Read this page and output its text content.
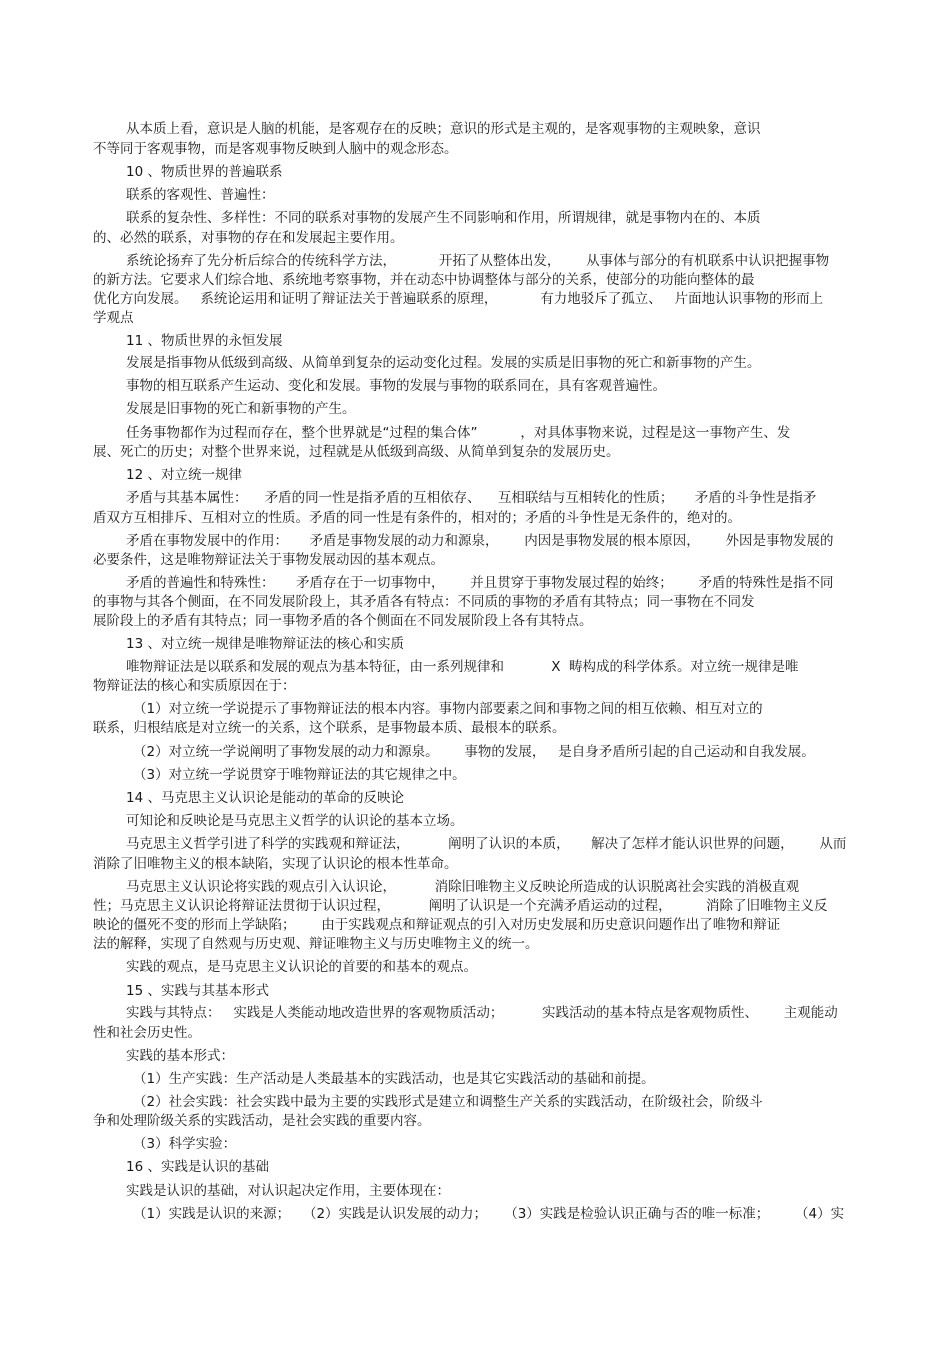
从本质上看，意识是人脑的机能，是客观存在的反映；意识的形式是主观的，是客观事物的主观映象，意识

不等同于客观事物，而是客观事物反映到人脑中的观念形态。

10 、物质世界的普遍联系

联系的客观性、普遍性：

联系的复杂性、多样性：不同的联系对事物的发展产生不同影响和作用，所谓规律，就是事物内在的、本质

的、必然的联系，对事物的存在和发展起主要作用。

系统论扬弃了先分析后综合的传统科学方法，          开拓了从整体出发，      从事体与部分的有机联系中认识把握事物

的新方法。它要求人们综合地、系统地考察事物，并在动态中协调整体与部分的关系，使部分的功能向整体的最

优化方向发展。   系统论运用和证明了辩证法关于普遍联系的原理，          有力地驳斥了孤立、   片面地认识事物的形而上

学观点

11 、物质世界的永恒发展

发展是指事物从低级到高级、从简单到复杂的运动变化过程。发展的实质是旧事物的死亡和新事物的产生。

事物的相互联系产生运动、变化和发展。事物的发展与事物的联系同在，具有客观普遍性。

发展是旧事物的死亡和新事物的产生。

任务事物都作为过程而存在，整个世界就是“过程的集合体”          ，对具体事物来说，过程是这一事物产生、发

展、死亡的历史；对整个世界来说，过程就是从低级到高级、从简单到复杂的发展历史。

12 、对立统一规律

矛盾与其基本属性：    矛盾的同一性是指矛盾的互相依存、    互相联结与互相转化的性质；     矛盾的斗争性是指矛

盾双方互相排斥、互相对立的性质。矛盾的同一性是有条件的，相对的；矛盾的斗争性是无条件的，绝对的。

矛盾在事物发展中的作用：     矛盾是事物发展的动力和源泉，      内因是事物发展的根本原因，      外因是事物发展的

必要条件，这是唯物辩证法关于事物发展动因的基本观点。

矛盾的普遍性和特殊性：     矛盾存在于一切事物中，      并且贯穿于事物发展过程的始终；      矛盾的特殊性是指不同

的事物与其各个侧面，在不同发展阶段上，其矛盾各有特点：不同质的事物的矛盾有其特点；同一事物在不同发

展阶段上的矛盾有其特点；同一事物矛盾的各个侧面在不同发展阶段上各有其特点。

13 、对立统一规律是唯物辩证法的核心和实质

唯物辩证法是以联系和发展的观点为基本特征，由一系列规律和           X  畴构成的科学体系。对立统一规律是唯

物辩证法的核心和实质原因在于：

（1）对立统一学说提示了事物辩证法的根本内容。事物内部要素之间和事物之间的相互依赖、相互对立的

联系，归根结底是对立统一的关系，这个联系，是事物最本质、最根本的联系。

（2）对立统一学说阐明了事物发展的动力和源泉。      事物的发展，   是自身矛盾所引起的自己运动和自我发展。

（3）对立统一学说贯穿于唯物辩证法的其它规律之中。

14 、马克思主义认识论是能动的革命的反映论

可知论和反映论是马克思主义哲学的认识论的基本立场。

马克思主义哲学引进了科学的实践观和辩证法，         阐明了认识的本质，     解决了怎样才能认识世界的问题，      从而

消除了旧唯物主义的根本缺陷，实现了认识论的根本性革命。

马克思主义认识论将实践的观点引入认识论，         消除旧唯物主义反映论所造成的认识脱离社会实践的消极直观

性；马克思主义认识论将辩证法贯彻于认识过程，         阐明了认识是一个充满矛盾运动的过程，        消除了旧唯物主义反

映论的僵死不变的形而上学缺陷；      由于实践观点和辩证观点的引入对历史发展和历史意识问题作出了唯物和辩证

法的解释，实现了自然观与历史观、辩证唯物主义与历史唯物主义的统一。

实践的观点，是马克思主义认识论的首要的和基本的观点。

15 、实践与其基本形式

实践与其特点：   实践是人类能动地改造世界的客观物质活动；         实践活动的基本特点是客观物质性、      主观能动

性和社会历史性。

实践的基本形式：

（1）生产实践：生产活动是人类最基本的实践活动，也是其它实践活动的基础和前提。

（2）社会实践：社会实践中最为主要的实践形式是建立和调整生产关系的实践活动，在阶级社会，阶级斗

争和处理阶级关系的实践活动，是社会实践的重要内容。

（3）科学实验：

16 、实践是认识的基础

实践是认识的基础，对认识起决定作用，主要体现在：

（1）实践是认识的来源；   （2）实践是认识发展的动力；    （3）实践是检验认识正确与否的唯一标准；      （4）实
